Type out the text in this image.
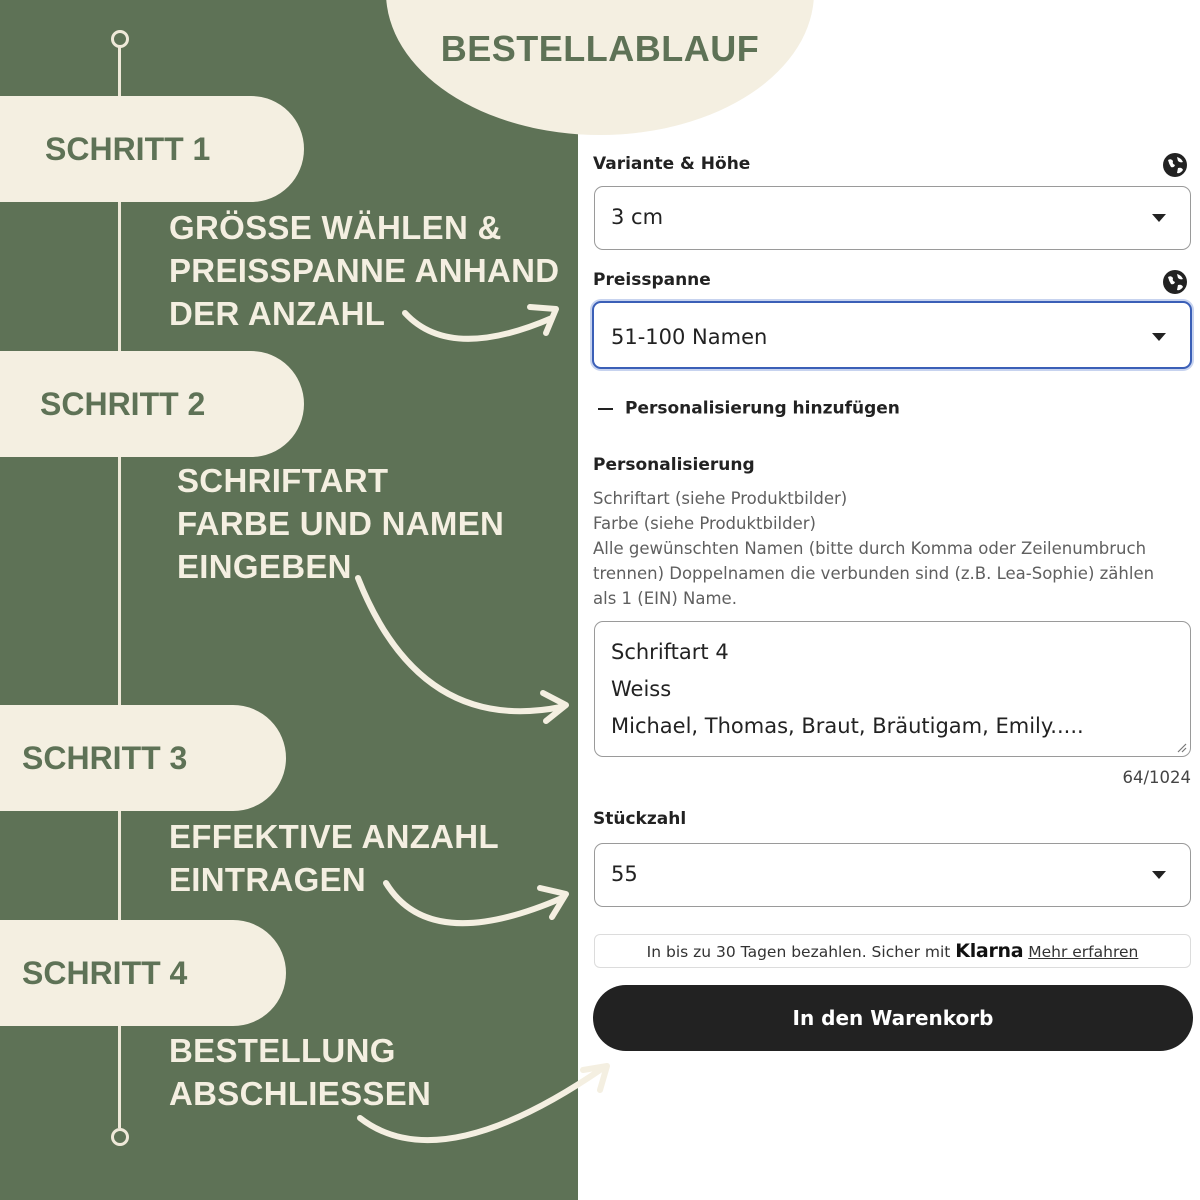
BESTELLABLAUF
SCHRITT 1
GRÖSSE WÄHLEN &
PREISSPANNE ANHAND
DER ANZAHL
SCHRITT 2
SCHRIFTART
FARBE UND NAMEN
EINGEBEN
SCHRITT 3
EFFEKTIVE ANZAHL
EINTRAGEN
SCHRITT 4
BESTELLUNG
ABSCHLIESSEN
Variante & Höhe
3 cm
Preisspanne
51-100 Namen
Personalisierung hinzufügen
Personalisierung
Schriftart (siehe Produktbilder)
Farbe (siehe Produktbilder)
Alle gewünschten Namen (bitte durch Komma oder Zeilenumbruch
trennen) Doppelnamen die verbunden sind (z.B. Lea-Sophie) zählen
als 1 (EIN) Name.
Schriftart 4
Weiss
Michael, Thomas, Braut, Bräutigam, Emily.....
64/1024
Stückzahl
55
In bis zu 30 Tagen bezahlen. Sicher mit Klarna Mehr erfahren
In den Warenkorb
